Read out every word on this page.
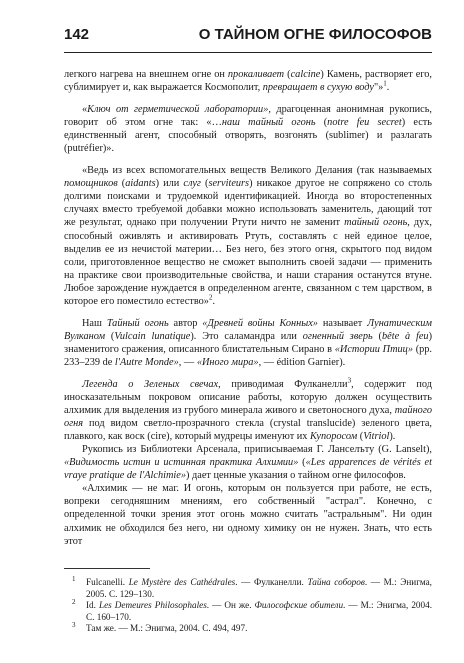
142	О ТАЙНОМ ОГНЕ ФИЛОСОФОВ

легкого нагрева на внешнем огне он прокаливает (calcine) Камень, растворяет его, сублимирует и, как выражается Космополит, превращает в сухую воду"»$^1$.

«Ключ от герметической лаборатории», драгоценная анонимная рукопись, говорит об этом огне так: «…наш тайный огонь (notre feu secret) есть единственный агент, способный отворять, возгонять (sublimer) и разлагать (putréfier)».

«Ведь из всех вспомогательных веществ Великого Делания (так называемых помощников (aidants) или слуг (serviteurs) никакое другое не сопряжено со столь долгими поисками и трудоемкой идентификацией. Иногда во второстепенных случаях вместо требуемой добавки можно использовать заменитель, дающий тот же результат, однако при получении Ртути ничто не заменит тайный огонь, дух, способный оживлять и активировать Ртуть, составлять с ней единое целое, выделив ее из нечистой материи… Без него, без этого огня, скрытого под видом соли, приготовленное вещество не сможет выполнить своей задачи — применить на практике свои производительные свойства, и наши старания останутся втуне. Любое зарождение нуждается в определенном агенте, связанном с тем царством, в которое его поместило естество»$^2$.

Наш Тайный огонь автор «Древней войны Конных» называет Лунатическим Вулканом (Vulcain lunatique). Это саламандра или огненный зверь (bête à feu) знаменитого сражения, описанного блистательным Сирано в «Истории Птиц» (pp. 233–239 de l'Autre Monde», — «Иного мира», — édition Garnier).

Легенда о Зеленых свечах, приводимая Фулканелли$^3$, содержит под иносказательным покровом описание работы, которую должен осуществить алхимик для выделения из грубого минерала живого и светоносного духа, тайного огня под видом светло-прозрачного стекла (crystal translucide) зеленого цвета, плавкого, как воск (cire), который мудрецы именуют их Купоросом (Vitriol).

Рукопись из Библиотеки Арсенала, приписываемая Г. Ланселъту (G. Lanselt), «Видимость истин и истинная практика Алхимии» («Les apparences de vérités et vraye pratique de l'Alchimie») дает ценные указания о тайном огне философов.

«Алхимик — не маг. И огонь, которым он пользуется при работе, не есть, вопреки сегодняшним мнениям, его собственный "астрал". Конечно, с определенной точки зрения этот огонь можно считать "астральным". Ни один алхимик не обходился без него, ни одному химику он не нужен. Знать, что есть этот

1 Fulcanelli. Le Mystère des Cathédrales. — Фулканелли. Тайна соборов. — М.: Энигма, 2005. С. 129–130.

2 Id. Les Demeures Philosophales. — Он же. Философские обители. — М.: Энигма, 2004. С. 160–170.

3 Там же. — М.: Энигма, 2004. С. 494, 497.
